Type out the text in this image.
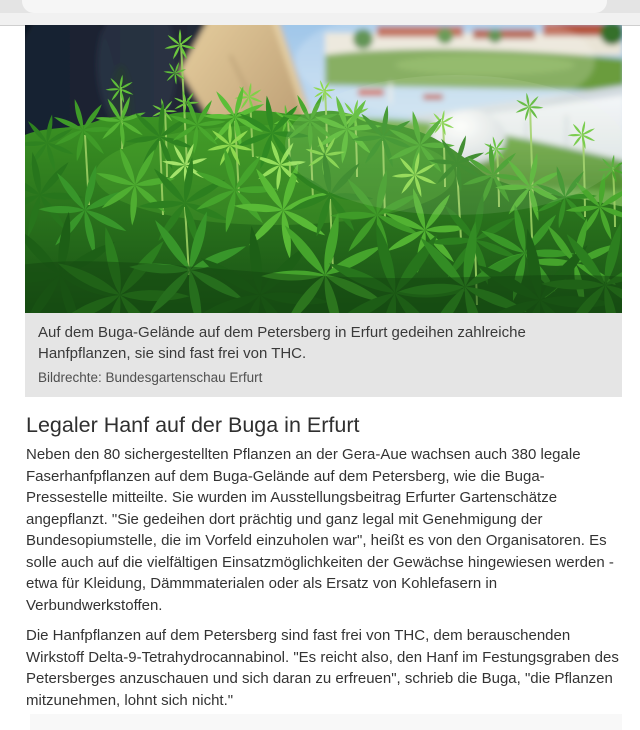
Auf dem Buga-Gelände auf dem Petersberg in Erfurt gedeihen zahlreiche Hanfpflanzen, sie sind fast frei von THC.

Bildrechte: Bundesgartenschau Erfurt

Legaler Hanf auf der Buga in Erfurt

Neben den 80 sichergestellten Pflanzen an der Gera-Aue wachsen auch 380 legale Faserhanfpflanzen auf dem Buga-Gelände auf dem Petersberg, wie die Buga-Pressestelle mitteilte. Sie wurden im Ausstellungsbeitrag Erfurter Gartenschätze angepflanzt. "Sie gedeihen dort prächtig und ganz legal mit Genehmigung der Bundesopiumstelle, die im Vorfeld einzuholen war", heißt es von den Organisatoren. Es solle auch auf die vielfältigen Einsatzmöglichkeiten der Gewächse hingewiesen werden - etwa für Kleidung, Dämmmaterialen oder als Ersatz von Kohlefasern in Verbundwerkstoffen.

Die Hanfpflanzen auf dem Petersberg sind fast frei von THC, dem berauschenden Wirkstoff Delta-9-Tetrahydrocannabinol. "Es reicht also, den Hanf im Festungsgraben des Petersberges anzuschauen und sich daran zu erfreuen", schrieb die Buga, "die Pflanzen mitzunehmen, lohnt sich nicht."
